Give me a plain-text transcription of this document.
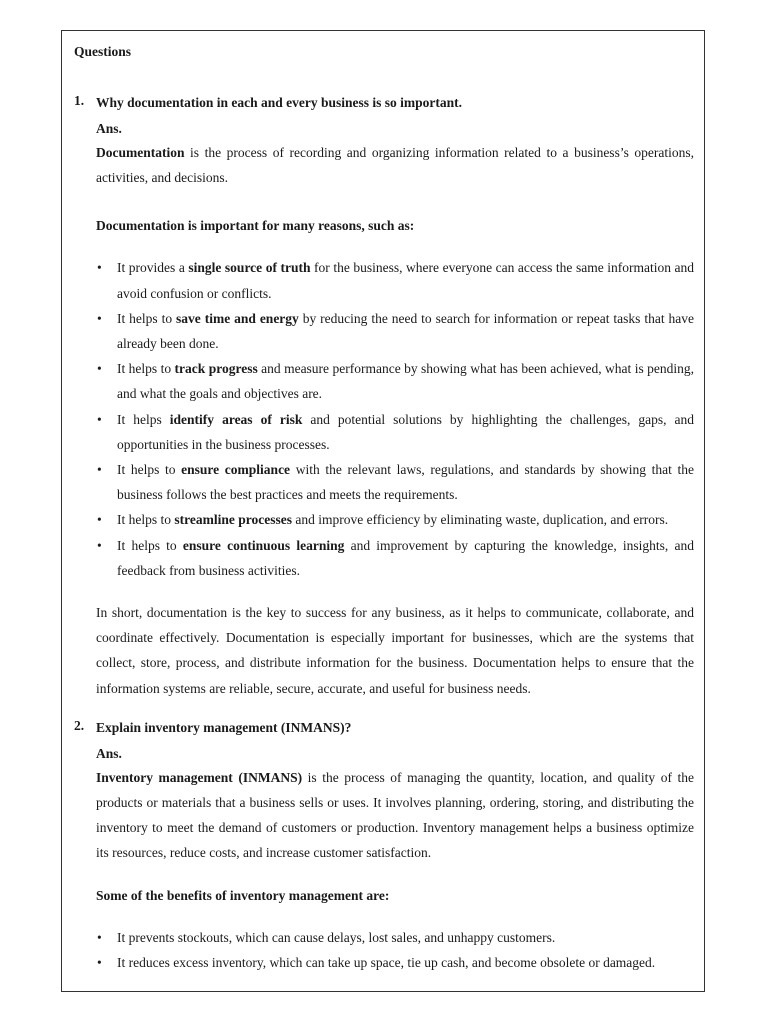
Questions

1. Why documentation in each and every business is so important.
Ans.

Documentation is the process of recording and organizing information related to a business’s operations, activities, and decisions.

Documentation is important for many reasons, such as:
• It provides a single source of truth for the business, where everyone can access the same information and avoid confusion or conflicts.
• It helps to save time and energy by reducing the need to search for information or repeat tasks that have already been done.
• It helps to track progress and measure performance by showing what has been achieved, what is pending, and what the goals and objectives are.
• It helps identify areas of risk and potential solutions by highlighting the challenges, gaps, and opportunities in the business processes.
• It helps to ensure compliance with the relevant laws, regulations, and standards by showing that the business follows the best practices and meets the requirements.
• It helps to streamline processes and improve efficiency by eliminating waste, duplication, and errors.
• It helps to ensure continuous learning and improvement by capturing the knowledge, insights, and feedback from business activities.

In short, documentation is the key to success for any business, as it helps to communicate, collaborate, and coordinate effectively. Documentation is especially important for businesses, which are the systems that collect, store, process, and distribute information for the business. Documentation helps to ensure that the information systems are reliable, secure, accurate, and useful for business needs.

2. Explain inventory management (INMANS)?
Ans.

Inventory management (INMANS) is the process of managing the quantity, location, and quality of the products or materials that a business sells or uses. It involves planning, ordering, storing, and distributing the inventory to meet the demand of customers or production. Inventory management helps a business optimize its resources, reduce costs, and increase customer satisfaction.

Some of the benefits of inventory management are:
• It prevents stockouts, which can cause delays, lost sales, and unhappy customers.
• It reduces excess inventory, which can take up space, tie up cash, and become obsolete or damaged.
